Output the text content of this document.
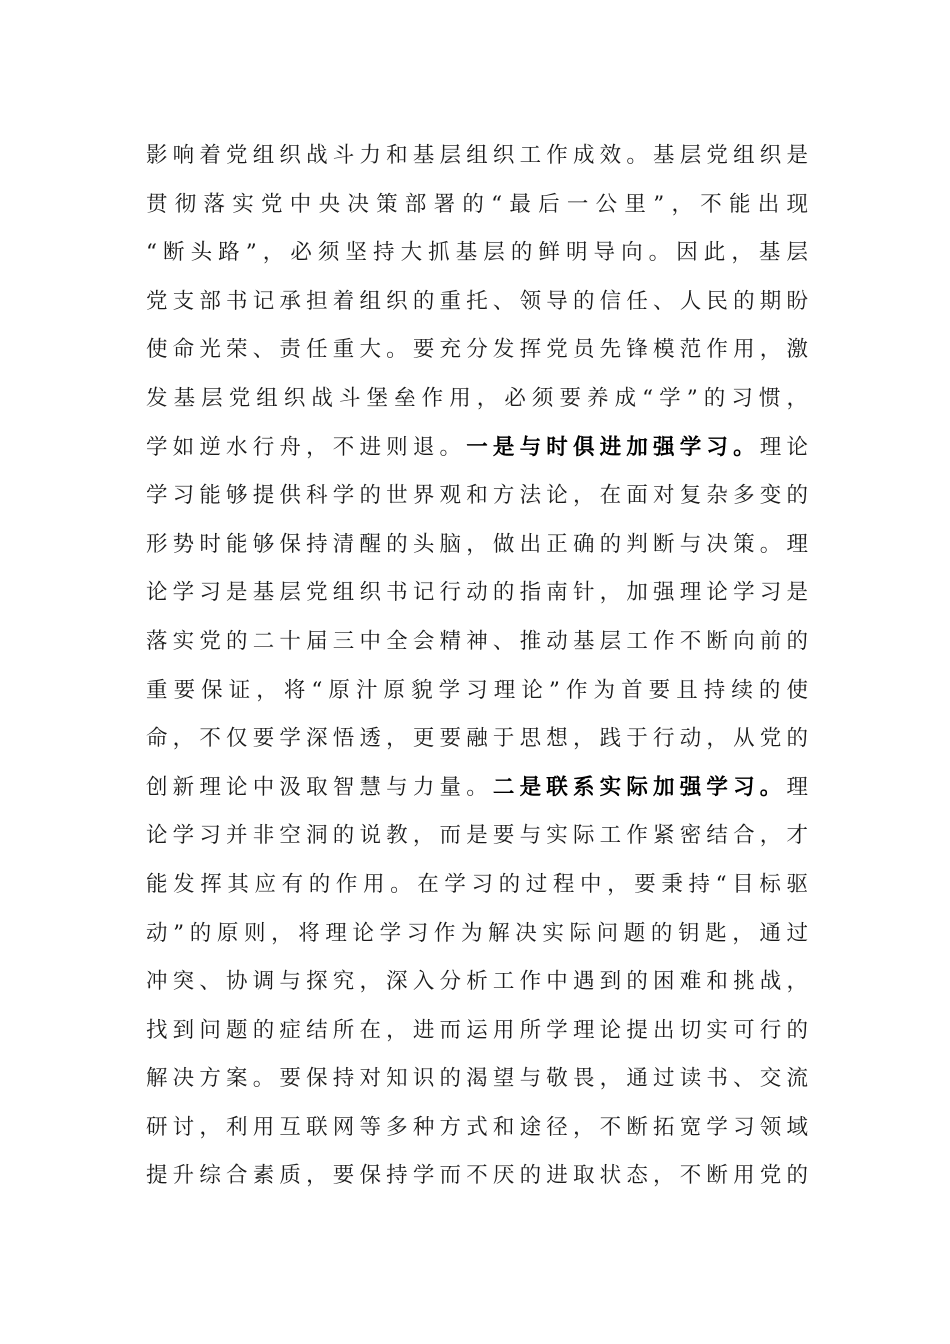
影响着党组织战斗力和基层组织工作成效。基层党组织是
贯彻落实党中央决策部署的“最后一公里”，不能出现
“断头路”，必须坚持大抓基层的鲜明导向。因此，基层
党支部书记承担着组织的重托、领导的信任、人民的期盼
使命光荣、责任重大。要充分发挥党员先锋模范作用，激
发基层党组织战斗堡垒作用，必须要养成“学”的习惯，
学如逆水行舟，不进则退。一是与时俱进加强学习。理论
学习能够提供科学的世界观和方法论，在面对复杂多变的
形势时能够保持清醒的头脑，做出正确的判断与决策。理
论学习是基层党组织书记行动的指南针，加强理论学习是
落实党的二十届三中全会精神、推动基层工作不断向前的
重要保证，将“原汁原貌学习理论”作为首要且持续的使
命，不仅要学深悟透，更要融于思想，践于行动，从党的
创新理论中汲取智慧与力量。二是联系实际加强学习。理
论学习并非空洞的说教，而是要与实际工作紧密结合，才
能发挥其应有的作用。在学习的过程中，要秉持“目标驱
动”的原则，将理论学习作为解决实际问题的钥匙，通过
冲突、协调与探究，深入分析工作中遇到的困难和挑战，
找到问题的症结所在，进而运用所学理论提出切实可行的
解决方案。要保持对知识的渴望与敬畏，通过读书、交流
研讨，利用互联网等多种方式和途径，不断拓宽学习领域
提升综合素质，要保持学而不厌的进取状态，不断用党的
